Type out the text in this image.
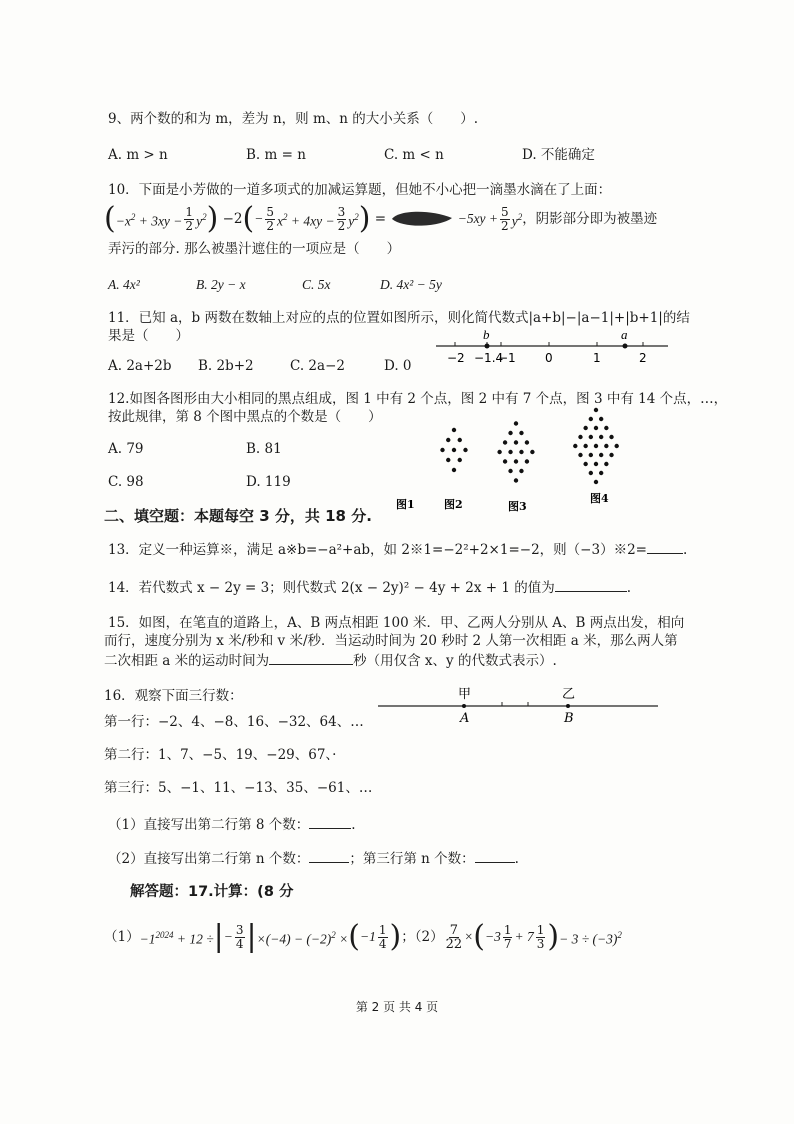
9、两个数的和为 m，差为 n，则 m、n 的大小关系（　　）.
A. m > n	B. m = n	C. m < n	D. 不能确定
10．下面是小芳做的一道多项式的加减运算题，但她不小心把一滴墨水滴在了上面：
( $-x^2 + 3xy - \frac{1}{2} y^2$ ) −2 ( − $\frac{5}{2} x^2 + 4xy - \frac{3}{2} y^2$ ) =	$-5xy + \frac{5}{2} y^2$ ，阴影部分即为被墨迹
弄污的部分. 那么被墨汁遮住的一项应是（　　）
A. 4x²	B. 2y − x	C. 5x	D. 4x² − 5y
11．已知 a，b 两数在数轴上对应的点的位置如图所示，则化简代数式|a+b|−|a−1|+|b+1|的结
果是（　　）
A. 2a+2b B. 2b+2	C. 2a−2	D. 0
b	a
−2 −1.4
−1 0	1	2
12.如图各图形由大小相同的黑点组成，图 1 中有 2 个点，图 2 中有 7 个点，图 3 中有 14 个点，…，
按此规律，第 8 个图中黑点的个数是（　　）
A. 79	B. 81
C. 98	D. 119
图1	图2	图3
图4
二、填空题：本题每空 3 分，共 18 分.
13．定义一种运算※，满足 a※b=−a²+ab，如 2※1=−2²+2×1=−2，则（−3）※2=	.
14．若代数式 x − 2y = 3；则代数式 2(x − 2y)² − 4y + 2x + 1 的值为	.
15．如图，在笔直的道路上，A、B 两点相距 100 米．甲、乙两人分别从 A、B 两点出发，相向
而行，速度分别为 x 米/秒和 v 米/秒．当运动时间为 20 秒时 2 人第一次相距 a 米，那么两人第
二次相距 a 米的运动时间为	秒（用仅含 x、y 的代数式表示）.
16．观察下面三行数：
第一行：−2、4、−8、16、−32、64、…
第二行：1、7、−5、19、−29、67、·
第三行：5、−1、11、−13、35、−61、…
（1）直接写出第二行第 8 个数：	.
（2）直接写出第二行第 n 个数：	；第三行第 n 个数：	.
甲	乙
A	B
解答题：17.计算：(8 分
$(1) -1^{2024} + 12$ ÷ | − $\frac{3}{4}$ | $\times(-4) - (-2)^2$ × ( $-1 \frac{1}{4}$ ) ；$(2) \frac{7}{22}$ × ( $-3 \frac{1}{7} + 7 \frac{1}{3}$ ) − $3 \div (-3)^2$
第 2 页 共 4 页
